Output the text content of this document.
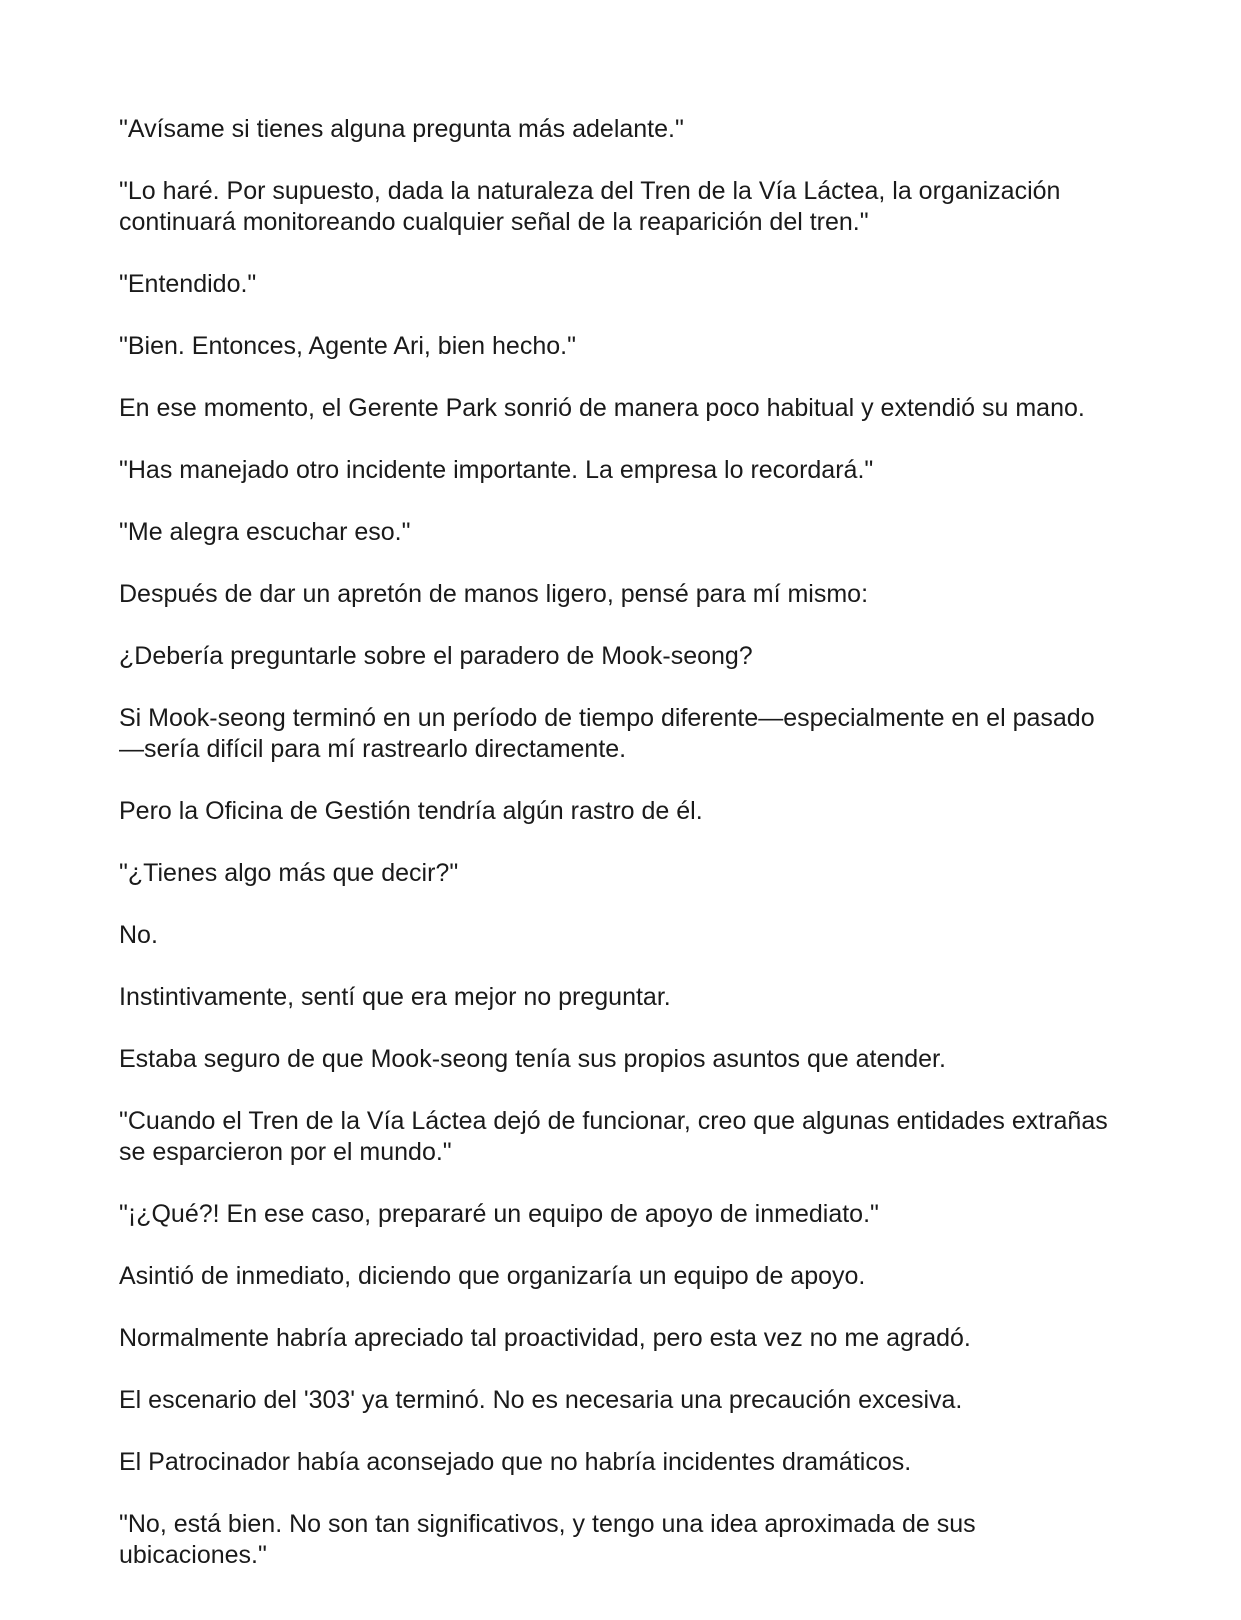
"Avísame si tienes alguna pregunta más adelante."

"Lo haré. Por supuesto, dada la naturaleza del Tren de la Vía Láctea, la organización continuará monitoreando cualquier señal de la reaparición del tren."

"Entendido."

"Bien. Entonces, Agente Ari, bien hecho."

En ese momento, el Gerente Park sonrió de manera poco habitual y extendió su mano.

"Has manejado otro incidente importante. La empresa lo recordará."

"Me alegra escuchar eso."

Después de dar un apretón de manos ligero, pensé para mí mismo:

¿Debería preguntarle sobre el paradero de Mook-seong?

Si Mook-seong terminó en un período de tiempo diferente—especialmente en el pasado—sería difícil para mí rastrearlo directamente.

Pero la Oficina de Gestión tendría algún rastro de él.

"¿Tienes algo más que decir?"

No.

Instintivamente, sentí que era mejor no preguntar.

Estaba seguro de que Mook-seong tenía sus propios asuntos que atender.

"Cuando el Tren de la Vía Láctea dejó de funcionar, creo que algunas entidades extrañas se esparcieron por el mundo."

"¡¿Qué?! En ese caso, prepararé un equipo de apoyo de inmediato."

Asintió de inmediato, diciendo que organizaría un equipo de apoyo.

Normalmente habría apreciado tal proactividad, pero esta vez no me agradó.

El escenario del '303' ya terminó. No es necesaria una precaución excesiva.

El Patrocinador había aconsejado que no habría incidentes dramáticos.

"No, está bien. No son tan significativos, y tengo una idea aproximada de sus ubicaciones."
